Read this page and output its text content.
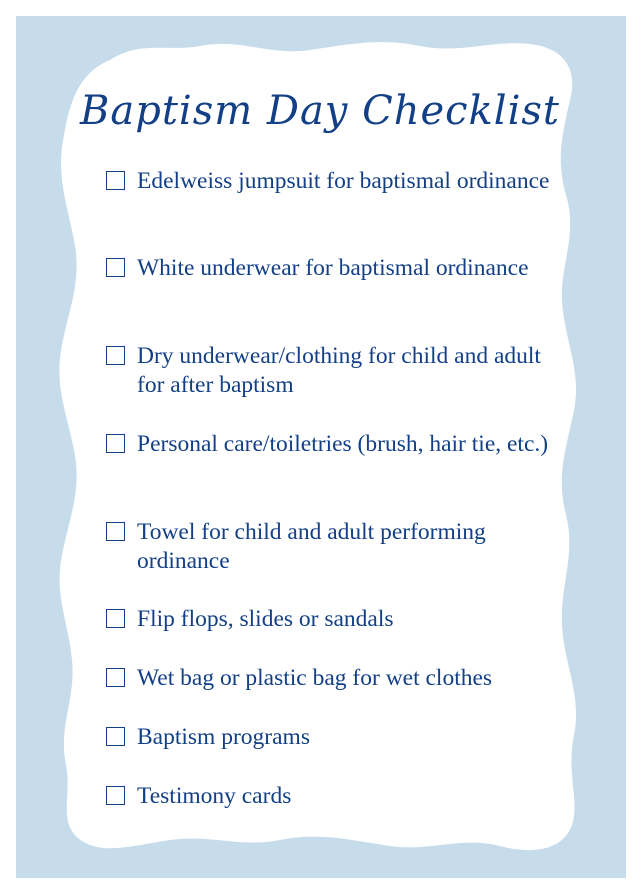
Baptism Day Checklist
Edelweiss jumpsuit for baptismal ordinance
White underwear for baptismal ordinance
Dry underwear/clothing for child and adult for after baptism
Personal care/toiletries (brush, hair tie, etc.)
Towel for child and adult performing ordinance
Flip flops, slides or sandals
Wet bag or plastic bag for wet clothes
Baptism programs
Testimony cards
